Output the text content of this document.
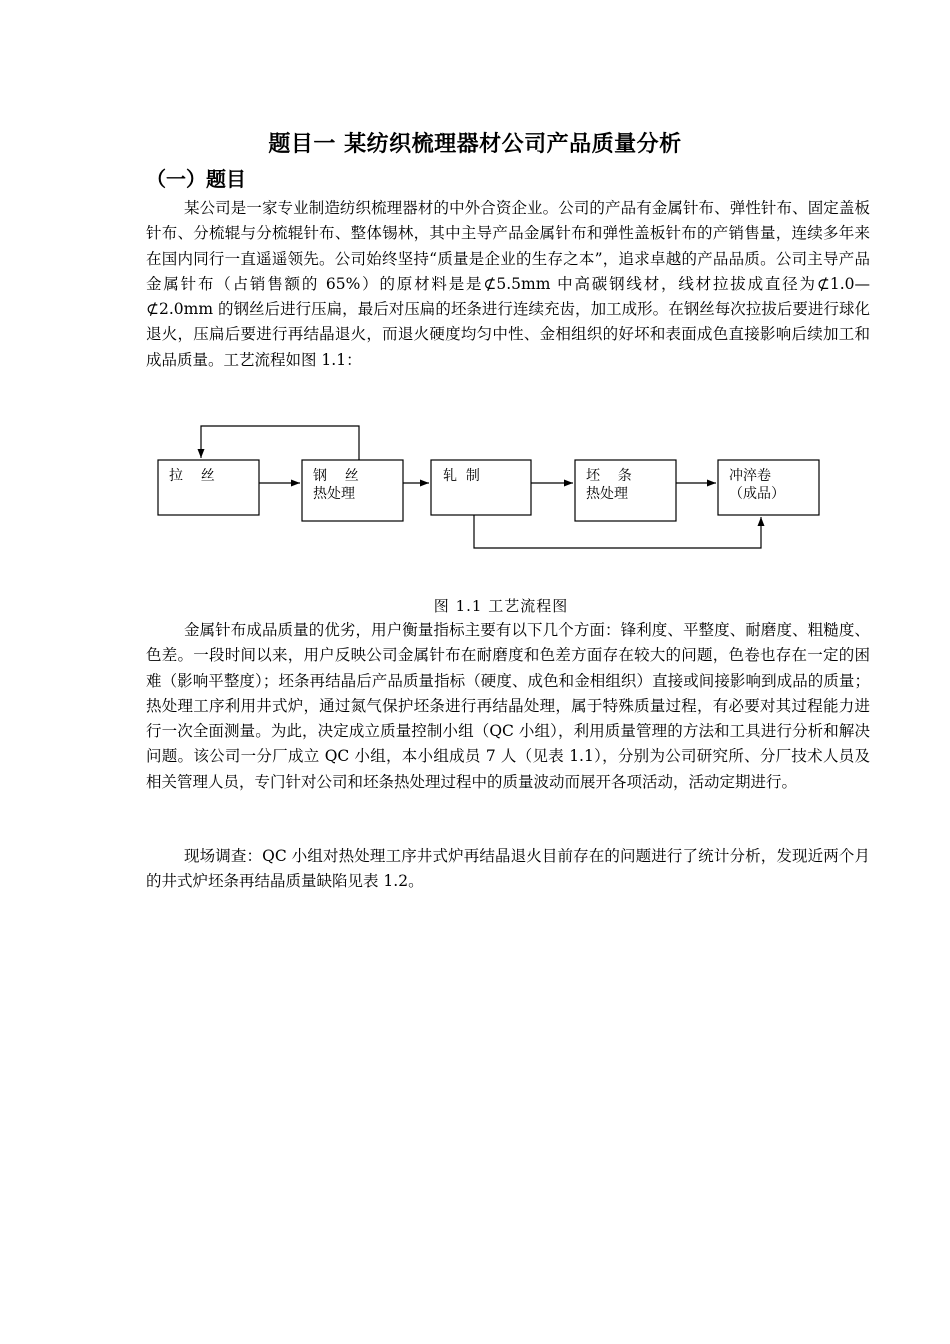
题目一 某纺织梳理器材公司产品质量分析
（一）题目

某公司是一家专业制造纺织梳理器材的中外合资企业。公司的产品有金属针布、弹性针布、固定盖板针布、分梳辊与分梳辊针布、整体锡林，其中主导产品金属针布和弹性盖板针布的产销售量，连续多年来在国内同行一直遥遥领先。公司始终坚持“质量是企业的生存之本”，追求卓越的产品品质。公司主导产品金属针布（占销售额的 65%）的原材料是是⊄5.5mm 中高碳钢线材，线材拉拔成直径为⊄1.0—⊄2.0mm 的钢丝后进行压扁，最后对压扁的坯条进行连续充齿，加工成形。在钢丝每次拉拔后要进行球化退火，压扁后要进行再结晶退火，而退火硬度均匀中性、金相组织的好坏和表面成色直接影响后续加工和成品质量。工艺流程如图 1.1：

拉    丝	钢    丝
热处理
轧  制	坯    条
热处理
冲淬卷
（成品）
图 1.1 工艺流程图

金属针布成品质量的优劣，用户衡量指标主要有以下几个方面：锋利度、平整度、耐磨度、粗糙度、色差。一段时间以来，用户反映公司金属针布在耐磨度和色差方面存在较大的问题，色卷也存在一定的困难（影响平整度）；坯条再结晶后产品质量指标（硬度、成色和金相组织）直接或间接影响到成品的质量；热处理工序利用井式炉，通过氮气保护坯条进行再结晶处理，属于特殊质量过程，有必要对其过程能力进行一次全面测量。为此，决定成立质量控制小组（QC 小组），利用质量管理的方法和工具进行分析和解决问题。该公司一分厂成立 QC 小组，本小组成员 7 人（见表 1.1），分别为公司研究所、分厂技术人员及相关管理人员，专门针对公司和坯条热处理过程中的质量波动而展开各项活动，活动定期进行。

现场调查：QC 小组对热处理工序井式炉再结晶退火目前存在的问题进行了统计分析，发现近两个月的井式炉坯条再结晶质量缺陷见表 1.2。
